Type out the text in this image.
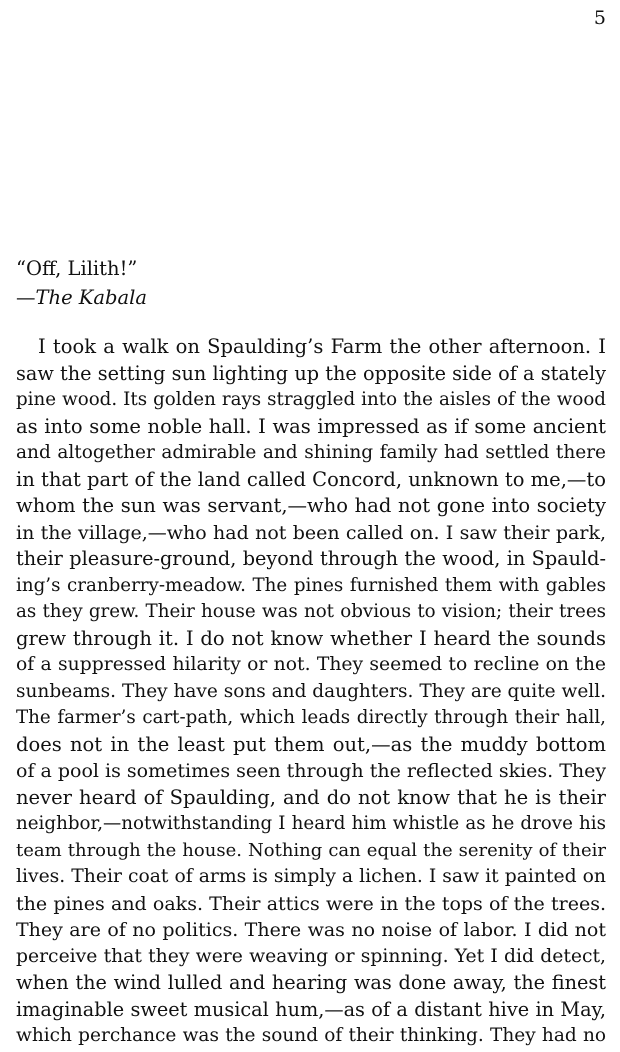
5
“Off, Lilith!”
—The Kabala
I took a walk on Spaulding’s Farm the other afternoon. I
saw the setting sun lighting up the opposite side of a stately
pine wood. Its golden rays straggled into the aisles of the wood
as into some noble hall. I was impressed as if some ancient
and altogether admirable and shining family had settled there
in that part of the land called Concord, unknown to me,—to
whom the sun was servant,—who had not gone into society
in the village,—who had not been called on. I saw their park,
their pleasure-ground, beyond through the wood, in Spauld-
ing’s cranberry-meadow. The pines furnished them with gables
as they grew. Their house was not obvious to vision; their trees
grew through it. I do not know whether I heard the sounds
of a suppressed hilarity or not. They seemed to recline on the
sunbeams. They have sons and daughters. They are quite well.
The farmer’s cart-path, which leads directly through their hall,
does not in the least put them out,—as the muddy bottom
of a pool is sometimes seen through the reflected skies. They
never heard of Spaulding, and do not know that he is their
neighbor,—notwithstanding I heard him whistle as he drove his
team through the house. Nothing can equal the serenity of their
lives. Their coat of arms is simply a lichen. I saw it painted on
the pines and oaks. Their attics were in the tops of the trees.
They are of no politics. There was no noise of labor. I did not
perceive that they were weaving or spinning. Yet I did detect,
when the wind lulled and hearing was done away, the finest
imaginable sweet musical hum,—as of a distant hive in May,
which perchance was the sound of their thinking. They had no
